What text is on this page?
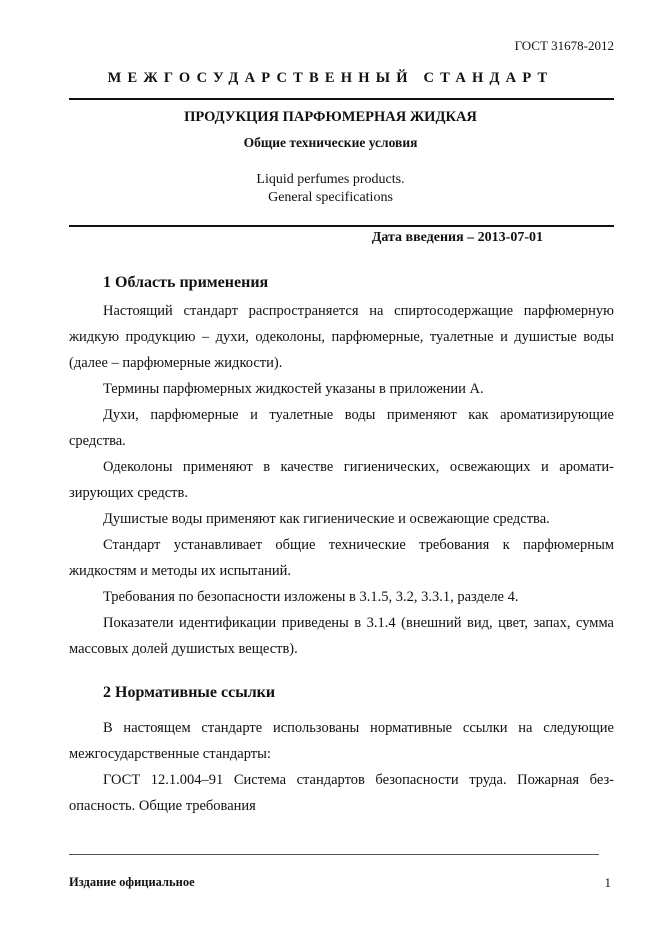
ГОСТ 31678-2012
МЕЖГОСУДАРСТВЕННЫЙ СТАНДАРТ
ПРОДУКЦИЯ ПАРФЮМЕРНАЯ ЖИДКАЯ
Общие технические условия
Liquid perfumes products.
General specifications
Дата введения – 2013-07-01
1 Область применения

Настоящий стандарт распространяется на спиртосодержащие парфюмерную жидкую продукцию – духи, одеколоны, парфюмерные, туалетные и душистые воды (далее – парфюмерные жидкости).

Термины парфюмерных жидкостей указаны в приложении А.

Духи, парфюмерные и туалетные воды применяют как ароматизирующие средства.

Одеколоны применяют в качестве гигиенических, освежающих и аромати-зирующих средств.

Душистые воды применяют как гигиенические и освежающие средства.

Стандарт устанавливает общие технические требования к парфюмерным жидкостям и методы их испытаний.

Требования по безопасности изложены в 3.1.5, 3.2, 3.3.1, разделе 4.

Показатели идентификации приведены в 3.1.4 (внешний вид, цвет, запах, сумма массовых долей душистых веществ).

2 Нормативные ссылки

В настоящем стандарте использованы нормативные ссылки на следующие межгосударственные стандарты:

ГОСТ 12.1.004–91 Система стандартов безопасности труда. Пожарная без-опасность. Общие требования

Издание официальное	1
